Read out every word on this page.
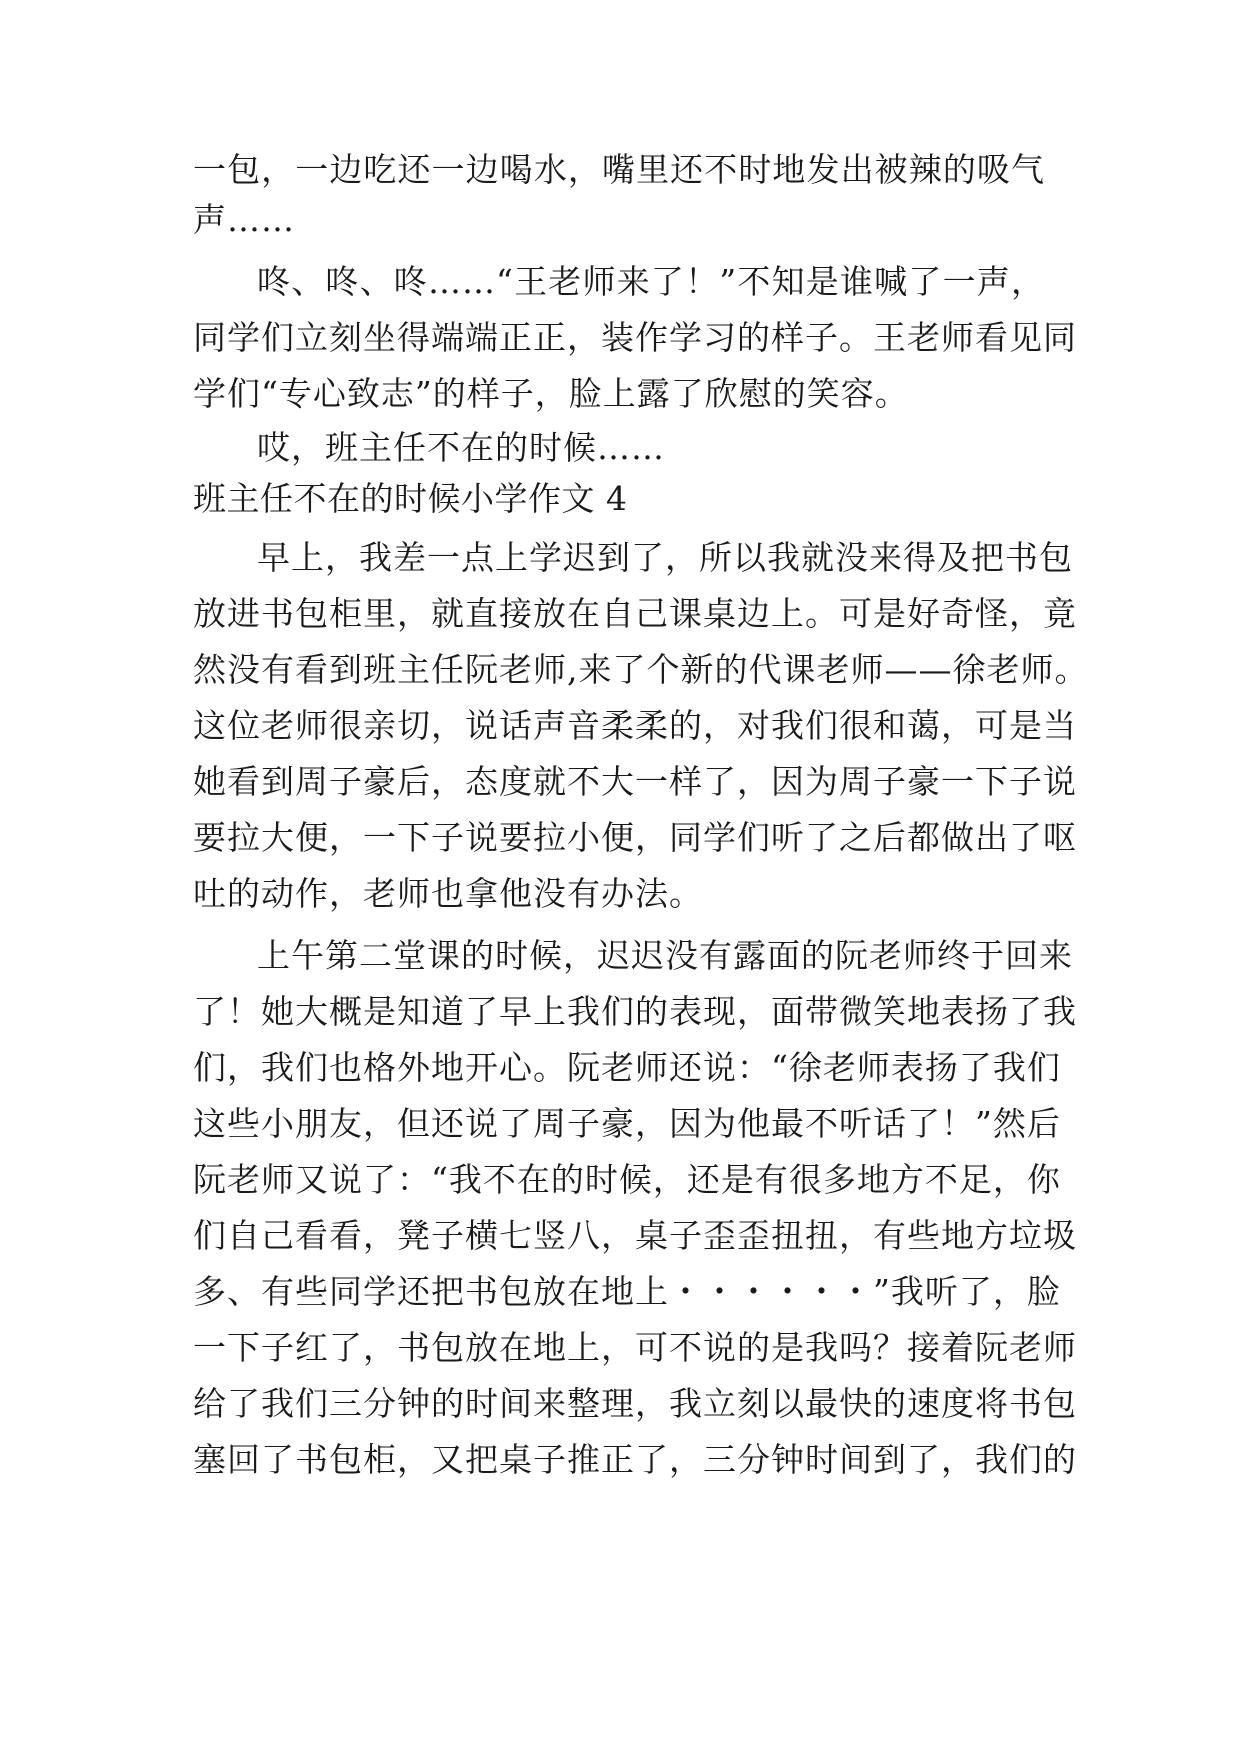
一包，一边吃还一边喝水，嘴里还不时地发出被辣的吸气
声……
咚、咚、咚……“王老师来了！”不知是谁喊了一声，
同学们立刻坐得端端正正，装作学习的样子。王老师看见同
学们“专心致志”的样子，脸上露了欣慰的笑容。
哎，班主任不在的时候……
班主任不在的时候小学作文 4
早上，我差一点上学迟到了，所以我就没来得及把书包
放进书包柜里，就直接放在自己课桌边上。可是好奇怪，竟
然没有看到班主任阮老师,来了个新的代课老师——徐老师。
这位老师很亲切，说话声音柔柔的，对我们很和蔼，可是当
她看到周子豪后，态度就不大一样了，因为周子豪一下子说
要拉大便，一下子说要拉小便，同学们听了之后都做出了呕
吐的动作，老师也拿他没有办法。
上午第二堂课的时候，迟迟没有露面的阮老师终于回来
了！她大概是知道了早上我们的表现，面带微笑地表扬了我
们，我们也格外地开心。阮老师还说：“徐老师表扬了我们
这些小朋友，但还说了周子豪，因为他最不听话了！”然后
阮老师又说了：“我不在的时候，还是有很多地方不足，你
们自己看看，凳子横七竖八，桌子歪歪扭扭，有些地方垃圾
多、有些同学还把书包放在地上・・・・・・”我听了，脸
一下子红了，书包放在地上，可不说的是我吗？接着阮老师
给了我们三分钟的时间来整理，我立刻以最快的速度将书包
塞回了书包柜，又把桌子推正了，三分钟时间到了，我们的
